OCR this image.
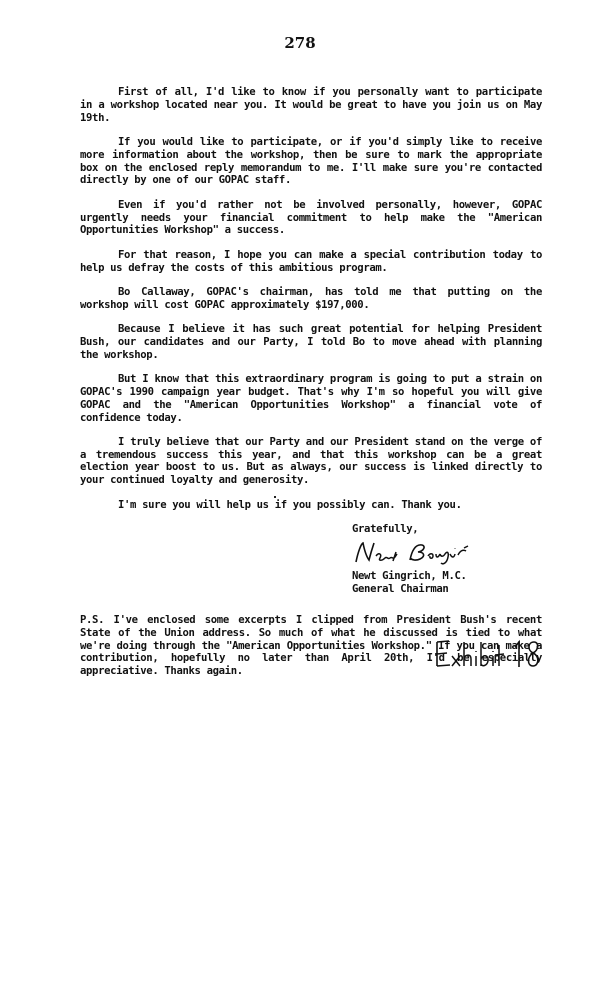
278

First of all, I'd like to know if you personally want to participate in a workshop located near you. It would be great to have you join us on May 19th.

If you would like to participate, or if you'd simply like to receive more information about the workshop, then be sure to mark the appropriate box on the enclosed reply memorandum to me. I'll make sure you're contacted directly by one of our GOPAC staff.

Even if you'd rather not be involved personally, however, GOPAC urgently needs your financial commitment to help make the "American Opportunities Workshop" a success.

For that reason, I hope you can make a special contribution today to help us defray the costs of this ambitious program.

Bo Callaway, GOPAC's chairman, has told me that putting on the workshop will cost GOPAC approximately $197,000.

Because I believe it has such great potential for helping President Bush, our candidates and our Party, I told Bo to move ahead with planning the workshop.

But I know that this extraordinary program is going to put a strain on GOPAC's 1990 campaign year budget. That's why I'm so hopeful you will give GOPAC and the "American Opportunities Workshop" a financial vote of confidence today.

I truly believe that our Party and our President stand on the verge of a tremendous success this year, and that this workshop can be a great election year boost to us. But as always, our success is linked directly to your continued loyalty and generosity.

I'm sure you will help us if you possibly can. Thank you.

Gratefully,
Newt Gingrich, M.C.
General Chairman

P.S. I've enclosed some excerpts I clipped from President Bush's recent State of the Union address. So much of what he discussed is tied to what we're doing through the "American Opportunities Workshop." If you can make a contribution, hopefully no later than April 20th, I'd be especially appreciative. Thanks again.
